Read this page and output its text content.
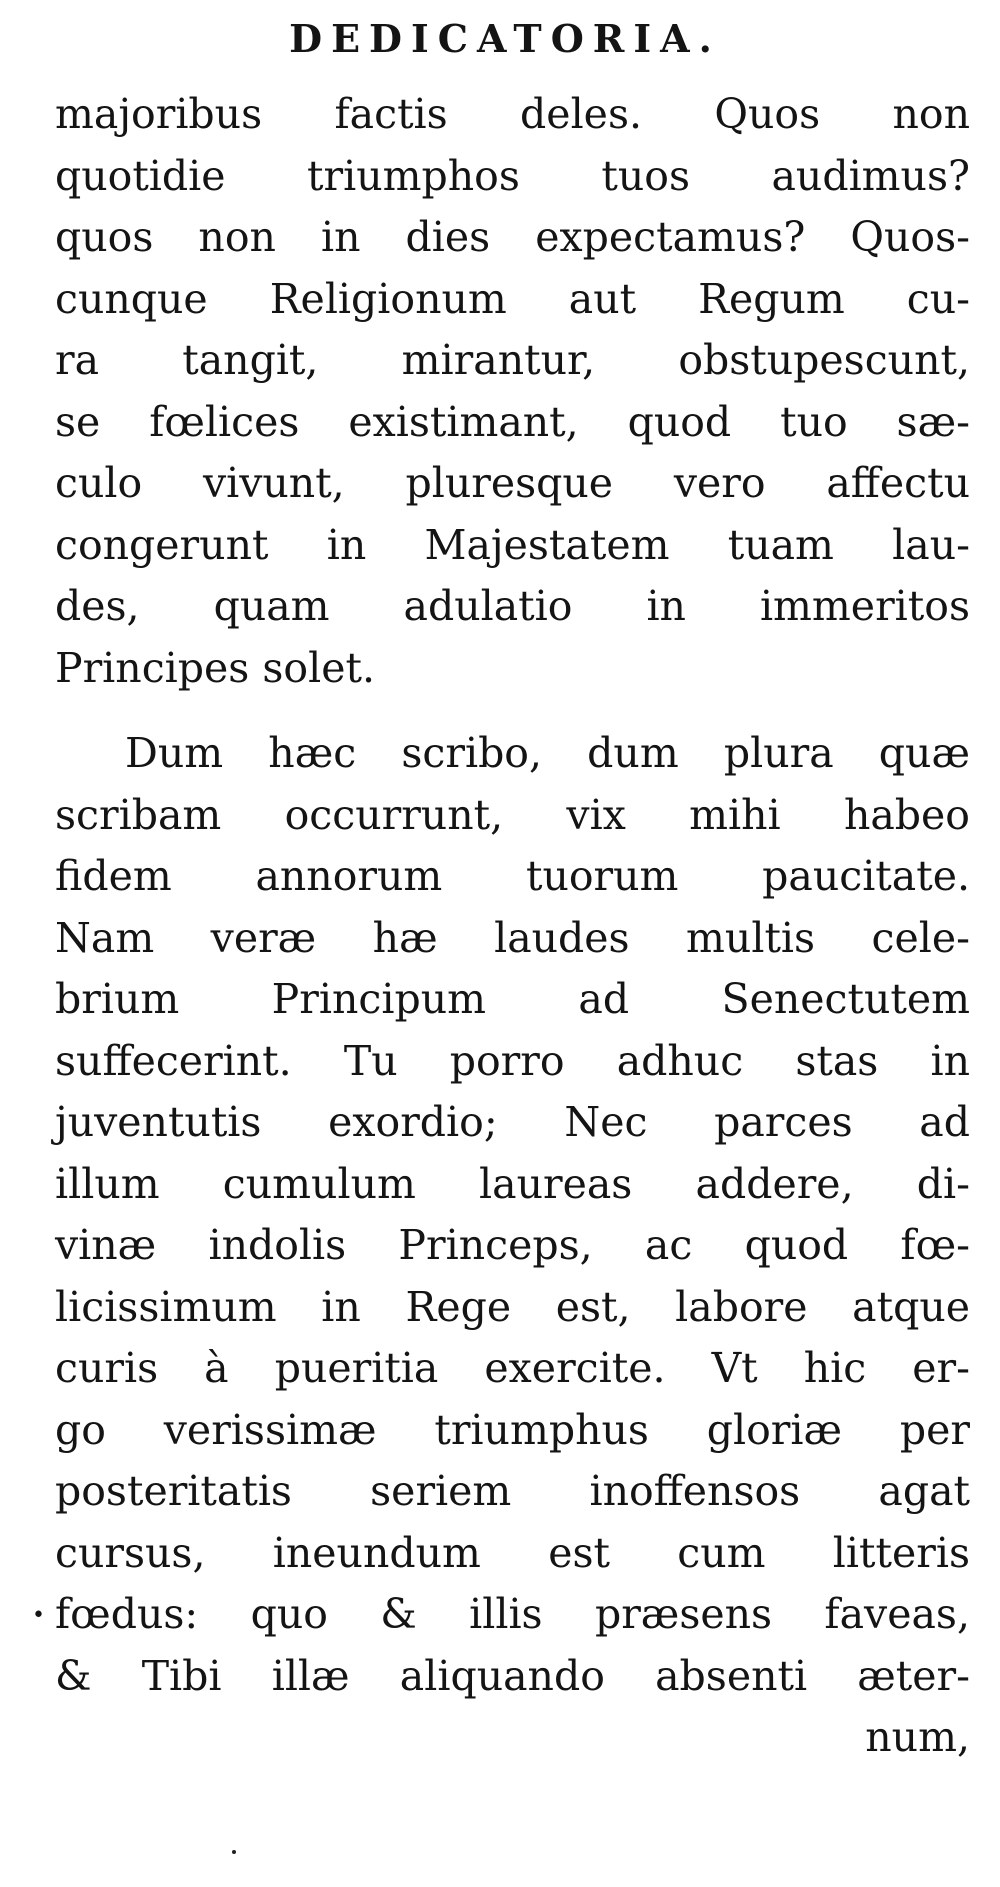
DEDICATORIA.
majoribus factis deles. Quos non
quotidie triumphos tuos audimus?
quos non in dies expectamus? Quos-
cunque Religionum aut Regum cu-
ra tangit, mirantur, obstupescunt,
se fœlices existimant, quod tuo sæ-
culo vivunt, pluresque vero affectu
congerunt in Majestatem tuam lau-
des, quam adulatio in immeritos
Principes solet.
Dum hæc scribo, dum plura quæ
scribam occurrunt, vix mihi habeo
fidem annorum tuorum paucitate.
Nam veræ hæ laudes multis cele-
brium Principum ad Senectutem
suffecerint. Tu porro adhuc stas in
juventutis exordio; Nec parces ad
illum cumulum laureas addere, di-
vinæ indolis Princeps, ac quod fœ-
licissimum in Rege est, labore atque
curis à pueritia exercite. Vt hic er-
go verissimæ triumphus gloriæ per
posteritatis seriem inoffensos agat
cursus, ineundum est cum litteris
fœdus: quo & illis præsens faveas,
& Tibi illæ aliquando absenti æter-
num,
•
